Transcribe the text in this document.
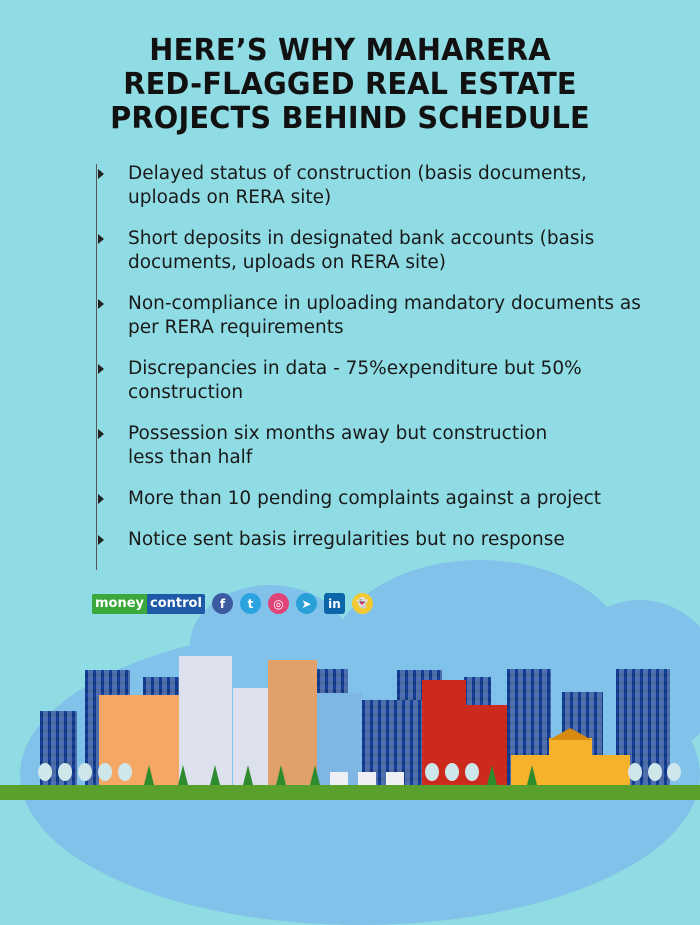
HERE’S WHY MAHARERA
RED-FLAGGED REAL ESTATE
PROJECTS BEHIND SCHEDULE
Delayed status of construction (basis documents, uploads on RERA site)
Short deposits in designated bank accounts (basis documents, uploads on RERA site)
Non-compliance in uploading mandatory documents as per RERA requirements
Discrepancies in data - 75%expenditure but 50% construction
Possession six months away but construction less than half
More than 10 pending complaints against a project
Notice sent basis irregularities but no response
money control	f	t	◎	➤	in	👻
